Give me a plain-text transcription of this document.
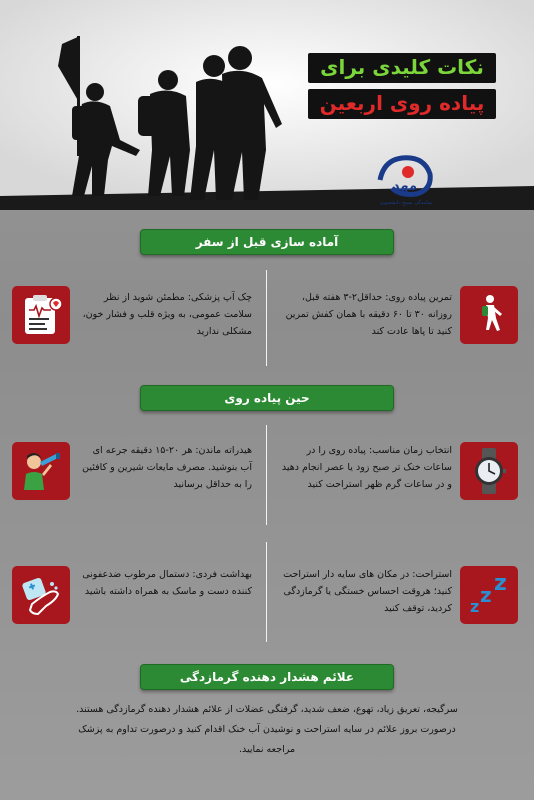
نکات کلیدی برای
پیاده روی اربعین
مهد
نمایندگی بسیج دانشجویی
آماده سازی قبل از سفر
تمرین پیاده روی: حداقل۲-۳ هفته قبل، روزانه ۳۰ تا ۶۰ دقیقه با همان کفش تمرین کنید تا پاها عادت کند
چک آپ پزشکی: مطمئن شوید از نظر سلامت عمومی، به ویژه قلب و فشار خون، مشکلی ندارید
حین پیاده روی
انتخاب زمان مناسب: پیاده روی را در ساعات خنک تر صبح زود یا عصر انجام دهید و در ساعات گرم ظهر استراحت کنید
هیدراته ماندن: هر ۲۰-۱۵ دقیقه جرعه ای آب بنوشید. مصرف مایعات شیرین و کافئین را به حداقل برسانید
z z z
استراحت: در مکان های سایه دار استراحت کنید؛ هروقت احساس خستگی یا گرمازدگی کردید، توقف کنید
بهداشت فردی: دستمال مرطوب ضدعفونی کننده دست و ماسک به همراه داشته باشید
علائم هشدار دهنده گرمازدگی

سرگیجه، تعریق زیاد، تهوع، ضعف شدید، گرفتگی عضلات از علائم هشدار دهنده گرمازدگی هستند.

درصورت بروز علائم در سایه استراحت و نوشیدن آب خنک اقدام کنید و درصورت تداوم به پزشک

مراجعه نمایید.
